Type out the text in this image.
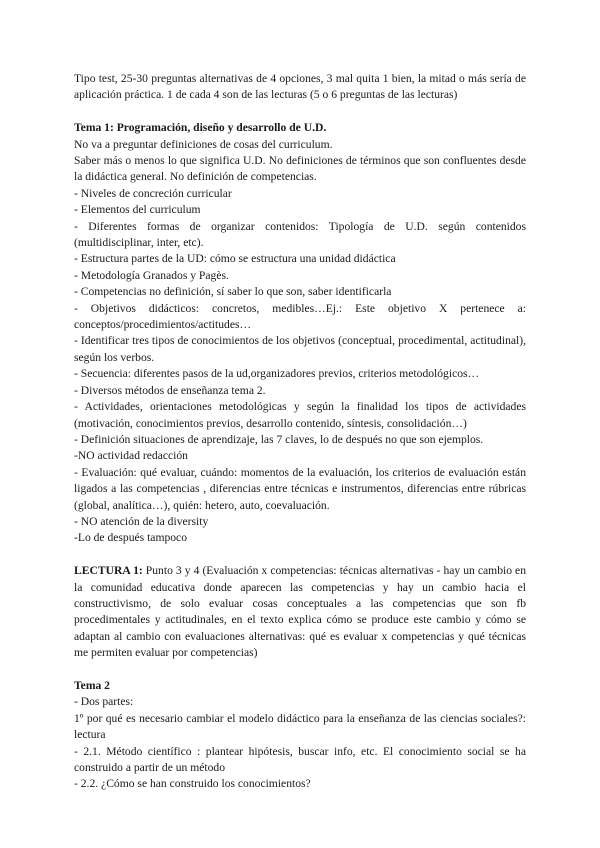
Tipo test, 25-30 preguntas alternativas de 4 opciones, 3 mal quita 1 bien, la mitad o más sería de aplicación práctica. 1 de cada 4 son de las lecturas (5 o 6 preguntas de las lecturas)

Tema 1: Programación, diseño y desarrollo de U.D.

No va a preguntar definiciones de cosas del curriculum.

Saber más o menos lo que significa U.D. No definiciones de términos que son confluentes desde la didáctica general. No definición de competencias.

- Niveles de concreción curricular

- Elementos del curriculum

- Diferentes formas de organizar contenidos: Tipología de U.D. según contenidos (multidisciplinar, inter, etc).

- Estructura partes de la UD: cómo se estructura una unidad didáctica

- Metodología Granados y Pagès.

- Competencias no definición, sí saber lo que son, saber identificarla

- Objetivos didácticos: concretos, medibles…Ej.: Este objetivo X pertenece a: conceptos/procedimientos/actitudes…

- Identificar tres tipos de conocimientos de los objetivos (conceptual, procedimental, actitudinal), según los verbos.

- Secuencia: diferentes pasos de la ud,organizadores previos, criterios metodológicos…

- Diversos métodos de enseñanza tema 2.

- Actividades, orientaciones metodológicas y según la finalidad los tipos de actividades (motivación, conocimientos previos, desarrollo contenido, síntesis, consolidación…)

- Definición situaciones de aprendizaje, las 7 claves, lo de después no que son ejemplos.

-NO actividad redacción

- Evaluación: qué evaluar, cuándo: momentos de la evaluación, los criterios de evaluación están ligados a las competencias , diferencias entre técnicas e instrumentos, diferencias entre rúbricas (global, analítica…), quién: hetero, auto, coevaluación.

- NO atención de la diversity

-Lo de después tampoco

LECTURA 1: Punto 3 y 4 (Evaluación x competencias: técnicas alternativas - hay un cambio en la comunidad educativa donde aparecen las competencias y hay un cambio hacia el constructivismo, de solo evaluar cosas conceptuales a las competencias que son fb procedimentales y actitudinales, en el texto explica cómo se produce este cambio y cómo se adaptan al cambio con evaluaciones alternativas: qué es evaluar x competencias y qué técnicas me permiten evaluar por competencias)

Tema 2

- Dos partes:

1º por qué es necesario cambiar el modelo didáctico para la enseñanza de las ciencias sociales?: lectura

- 2.1. Método científico : plantear hipótesis, buscar info, etc. El conocimiento social se ha construido a partir de un método

- 2.2. ¿Cómo se han construido los conocimientos?
